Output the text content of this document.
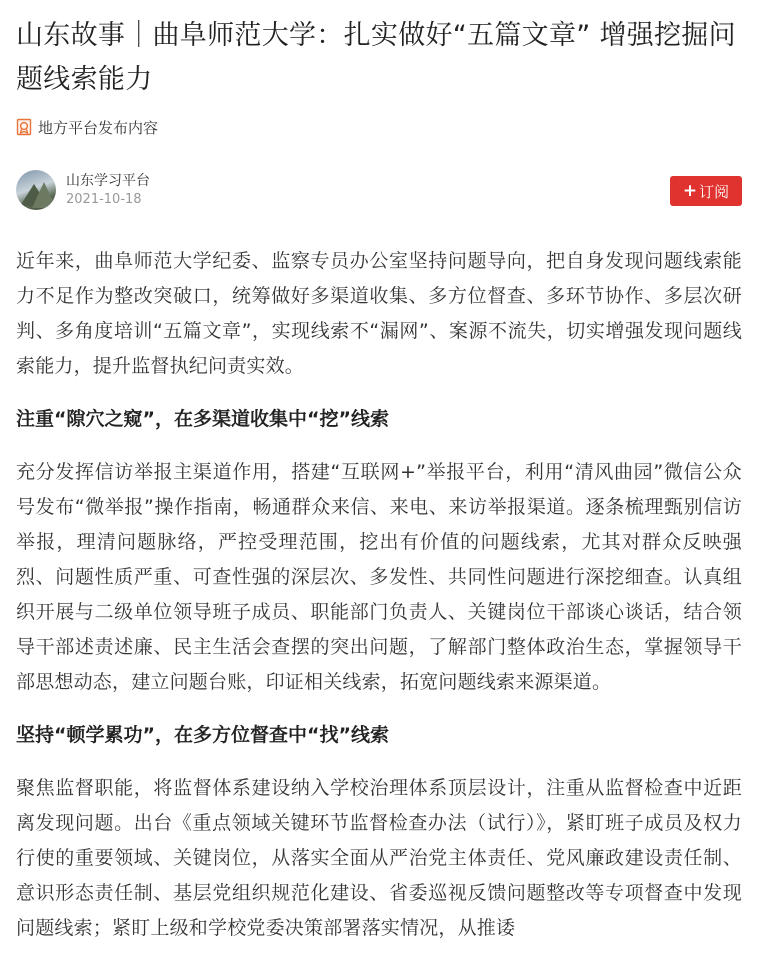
山东故事｜曲阜师范大学：扎实做好“五篇文章” 增强挖掘问题线索能力
地方平台发布内容
山东学习平台
2021-10-18	+ 订阅

近年来，曲阜师范大学纪委、监察专员办公室坚持问题导向，把自身发现问题线索能力不足作为整改突破口，统筹做好多渠道收集、多方位督查、多环节协作、多层次研判、多角度培训“五篇文章”，实现线索不“漏网”、案源不流失，切实增强发现问题线索能力，提升监督执纪问责实效。

注重“隙穴之窥”，在多渠道收集中“挖”线索

充分发挥信访举报主渠道作用，搭建“互联网+”举报平台，利用“清风曲园”微信公众号发布“微举报”操作指南，畅通群众来信、来电、来访举报渠道。逐条梳理甄别信访举报，理清问题脉络，严控受理范围，挖出有价值的问题线索，尤其对群众反映强烈、问题性质严重、可查性强的深层次、多发性、共同性问题进行深挖细查。认真组织开展与二级单位领导班子成员、职能部门负责人、关键岗位干部谈心谈话，结合领导干部述责述廉、民主生活会查摆的突出问题，了解部门整体政治生态，掌握领导干部思想动态，建立问题台账，印证相关线索，拓宽问题线索来源渠道。

坚持“顿学累功”，在多方位督查中“找”线索

聚焦监督职能，将监督体系建设纳入学校治理体系顶层设计，注重从监督检查中近距离发现问题。出台《重点领域关键环节监督检查办法（试行）》，紧盯班子成员及权力行使的重要领域、关键岗位，从落实全面从严治党主体责任、党风廉政建设责任制、意识形态责任制、基层党组织规范化建设、省委巡视反馈问题整改等专项督查中发现问题线索；紧盯上级和学校党委决策部署落实情况，从推诿
